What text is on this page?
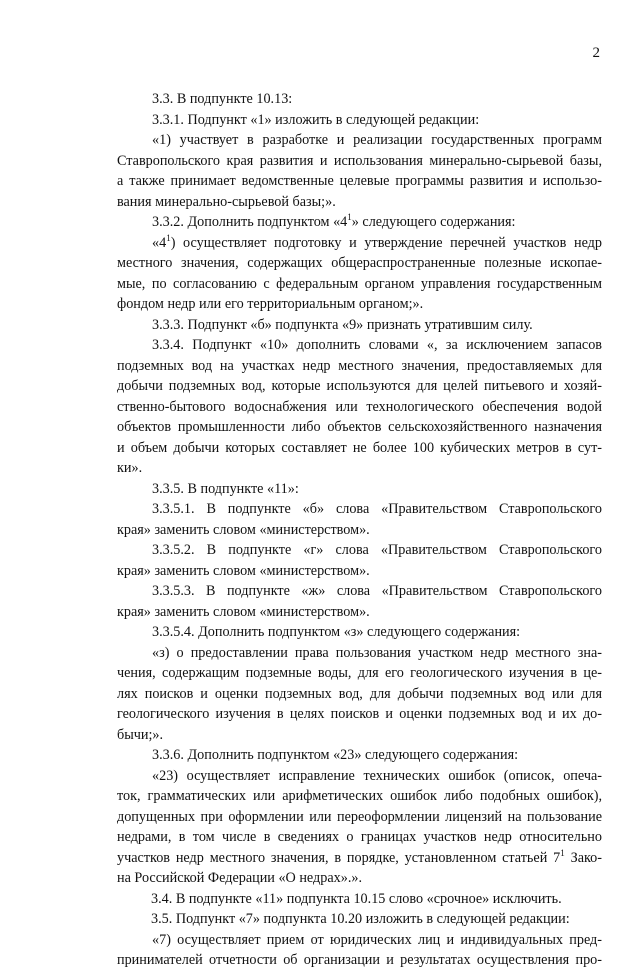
2
3.3. В подпункте 10.13:
3.3.1. Подпункт «1» изложить в следующей редакции:
«1) участвует в разработке и реализации государственных программ
Ставропольского края развития и использования минерально-сырьевой базы,
а также принимает ведомственные целевые программы развития и использо-
вания минерально-сырьевой базы;».
3.3.2. Дополнить подпунктом «$4^1$» следующего содержания:
«$4^1$) осуществляет подготовку и утверждение перечней участков недр
местного значения, содержащих общераспространенные полезные ископае-
мые, по согласованию с федеральным органом управления государственным
фондом недр или его территориальным органом;».
3.3.3. Подпункт «б» подпункта «9» признать утратившим силу.
3.3.4. Подпункт «10» дополнить словами «, за исключением запасов
подземных вод на участках недр местного значения, предоставляемых для
добычи подземных вод, которые используются для целей питьевого и хозяй-
ственно-бытового водоснабжения или технологического обеспечения водой
объектов промышленности либо объектов сельскохозяйственного назначения
и объем добычи которых составляет не более 100 кубических метров в сут-
ки».
3.3.5. В подпункте «11»:
3.3.5.1. В подпункте «б» слова «Правительством Ставропольского
края» заменить словом «министерством».
3.3.5.2. В подпункте «г» слова «Правительством Ставропольского
края» заменить словом «министерством».
3.3.5.3. В подпункте «ж» слова «Правительством Ставропольского
края» заменить словом «министерством».
3.3.5.4. Дополнить подпунктом «з» следующего содержания:
«з) о предоставлении права пользования участком недр местного зна-
чения, содержащим подземные воды, для его геологического изучения в це-
лях поисков и оценки подземных вод, для добычи подземных вод или для
геологического изучения в целях поисков и оценки подземных вод и их до-
бычи;».
3.3.6. Дополнить подпунктом «23» следующего содержания:
«23) осуществляет исправление технических ошибок (описок, опеча-
ток, грамматических или арифметических ошибок либо подобных ошибок),
допущенных при оформлении или переоформлении лицензий на пользование
недрами, в том числе в сведениях о границах участков недр относительно
участков недр местного значения, в порядке, установленном статьей $7^1$ Зако-
на Российской Федерации «О недрах».».
3.4. В подпункте «11» подпункта 10.15 слово «срочное» исключить.
3.5. Подпункт «7» подпункта 10.20 изложить в следующей редакции:
«7) осуществляет прием от юридических лиц и индивидуальных пред-
принимателей отчетности об организации и результатах осуществления про-
